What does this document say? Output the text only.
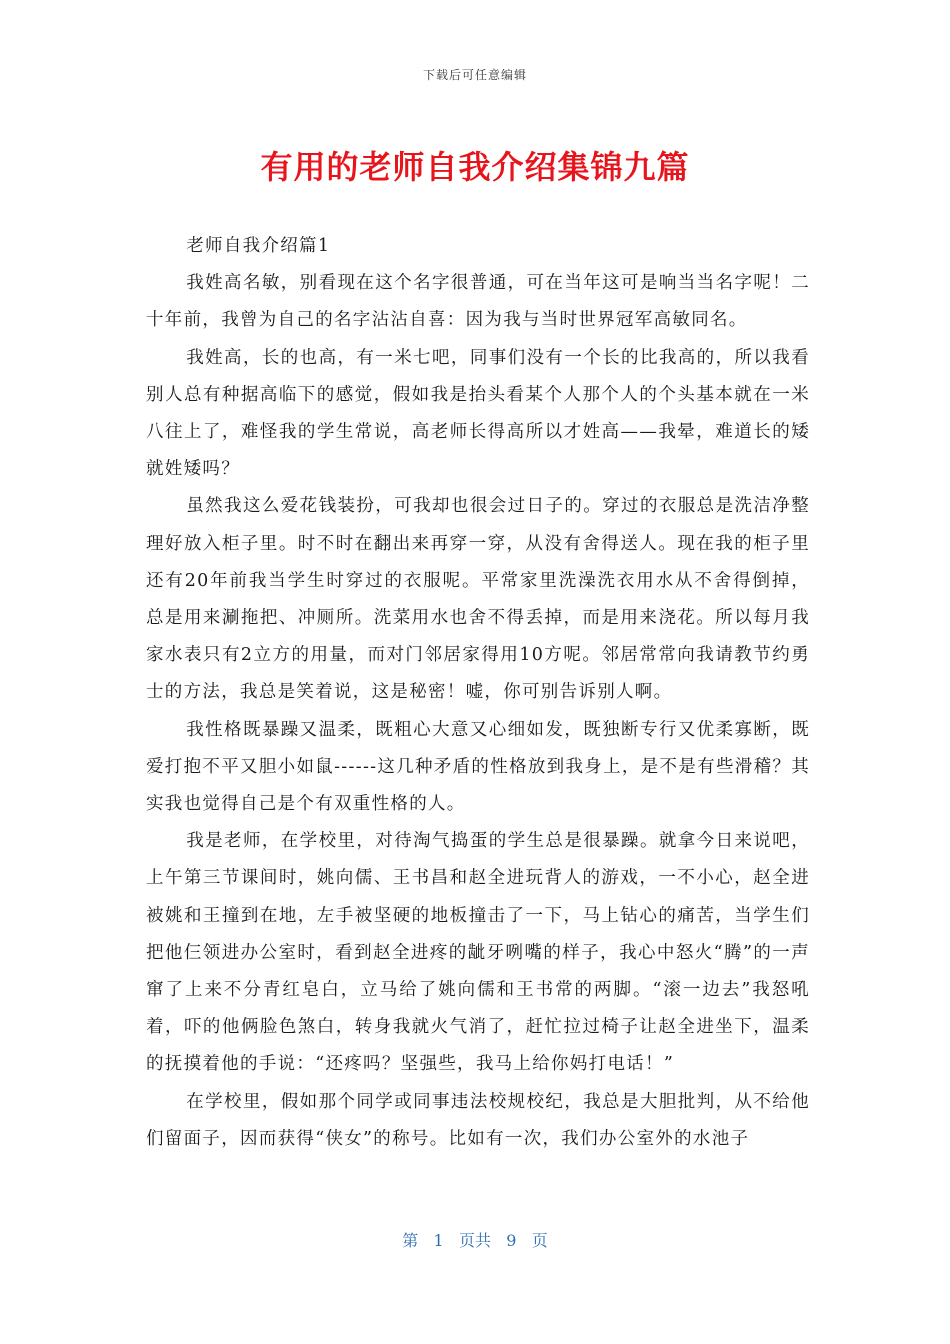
下载后可任意编辑
有用的老师自我介绍集锦九篇

老师自我介绍篇1

我姓高名敏，别看现在这个名字很普通，可在当年这可是响当当名字呢！二十年前，我曾为自己的名字沾沾自喜：因为我与当时世界冠军高敏同名。

我姓高，长的也高，有一米七吧，同事们没有一个长的比我高的，所以我看别人总有种据高临下的感觉，假如我是抬头看某个人那个人的个头基本就在一米八往上了，难怪我的学生常说，高老师长得高所以才姓高——我晕，难道长的矮就姓矮吗？

虽然我这么爱花钱装扮，可我却也很会过日子的。穿过的衣服总是洗洁净整理好放入柜子里。时不时在翻出来再穿一穿，从没有舍得送人。现在我的柜子里还有20年前我当学生时穿过的衣服呢。平常家里洗澡洗衣用水从不舍得倒掉，总是用来涮拖把、冲厕所。洗菜用水也舍不得丢掉，而是用来浇花。所以每月我家水表只有2立方的用量，而对门邻居家得用10方呢。邻居常常向我请教节约勇士的方法，我总是笑着说，这是秘密！嘘，你可别告诉别人啊。

我性格既暴躁又温柔，既粗心大意又心细如发，既独断专行又优柔寡断，既爱打抱不平又胆小如鼠------这几种矛盾的性格放到我身上，是不是有些滑稽？其实我也觉得自己是个有双重性格的人。

我是老师，在学校里，对待淘气捣蛋的学生总是很暴躁。就拿今日来说吧，上午第三节课间时，姚向儒、王书昌和赵全进玩背人的游戏，一不小心，赵全进被姚和王撞到在地，左手被坚硬的地板撞击了一下，马上钻心的痛苦，当学生们把他仨领进办公室时，看到赵全进疼的龇牙咧嘴的样子，我心中怒火“腾”的一声窜了上来不分青红皂白，立马给了姚向儒和王书常的两脚。“滚一边去”我怒吼着，吓的他俩脸色煞白，转身我就火气消了，赶忙拉过椅子让赵全进坐下，温柔的抚摸着他的手说：“还疼吗？坚强些，我马上给你妈打电话！”

在学校里，假如那个同学或同事违法校规校纪，我总是大胆批判，从不给他们留面子，因而获得“侠女”的称号。比如有一次，我们办公室外的水池子

第 1 页共 9 页
